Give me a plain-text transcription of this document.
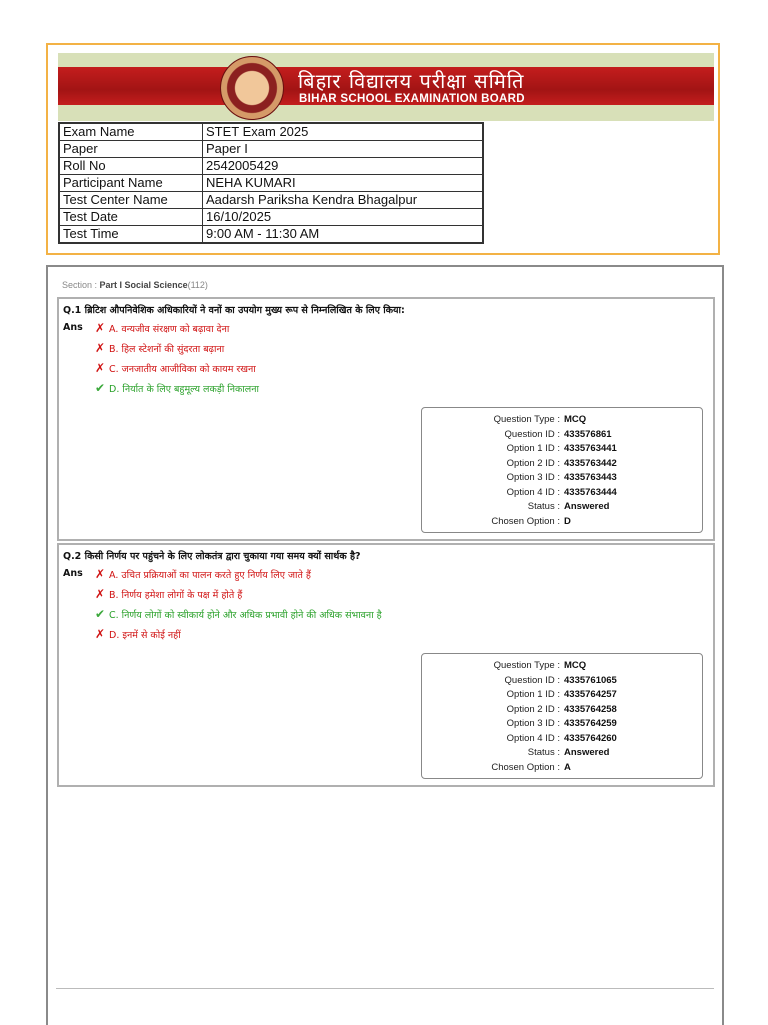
बिहार विद्यालय परीक्षा समिति
BIHAR SCHOOL EXAMINATION BOARD
Exam Name	STET Exam 2025
Paper	Paper I
Roll No	2542005429
Participant Name	NEHA KUMARI
Test Center Name	Aadarsh Pariksha Kendra Bhagalpur
Test Date	16/10/2025
Test Time	9:00 AM - 11:30 AM
Section : Part I Social Science(112)
Q.1 ब्रिटिश औपनिवेशिक अधिकारियों ने वनों का उपयोग मुख्य रूप से निम्नलिखित के लिए किया:
Ans ✗ A. वन्यजीव संरक्षण को बढ़ावा देना
✗ B. हिल स्टेशनों की सुंदरता बढ़ाना
✗ C. जनजातीय आजीविका को कायम रखना
✔ D. निर्यात के लिए बहुमूल्य लकड़ी निकालना
Question Type : MCQ
Question ID : 433576861
Option 1 ID : 4335763441
Option 2 ID : 4335763442
Option 3 ID : 4335763443
Option 4 ID : 4335763444
Status : Answered
Chosen Option : D
Q.2 किसी निर्णय पर पहुंचने के लिए लोकतंत्र द्वारा चुकाया गया समय क्यों सार्थक है?
Ans ✗ A. उचित प्रक्रियाओं का पालन करते हुए निर्णय लिए जाते हैं
✗ B. निर्णय हमेशा लोगों के पक्ष में होते हैं
✔ C. निर्णय लोगों को स्वीकार्य होने और अधिक प्रभावी होने की अधिक संभावना है
✗ D. इनमें से कोई नहीं
Question Type : MCQ
Question ID : 4335761065
Option 1 ID : 4335764257
Option 2 ID : 4335764258
Option 3 ID : 4335764259
Option 4 ID : 4335764260
Status : Answered
Chosen Option : A
